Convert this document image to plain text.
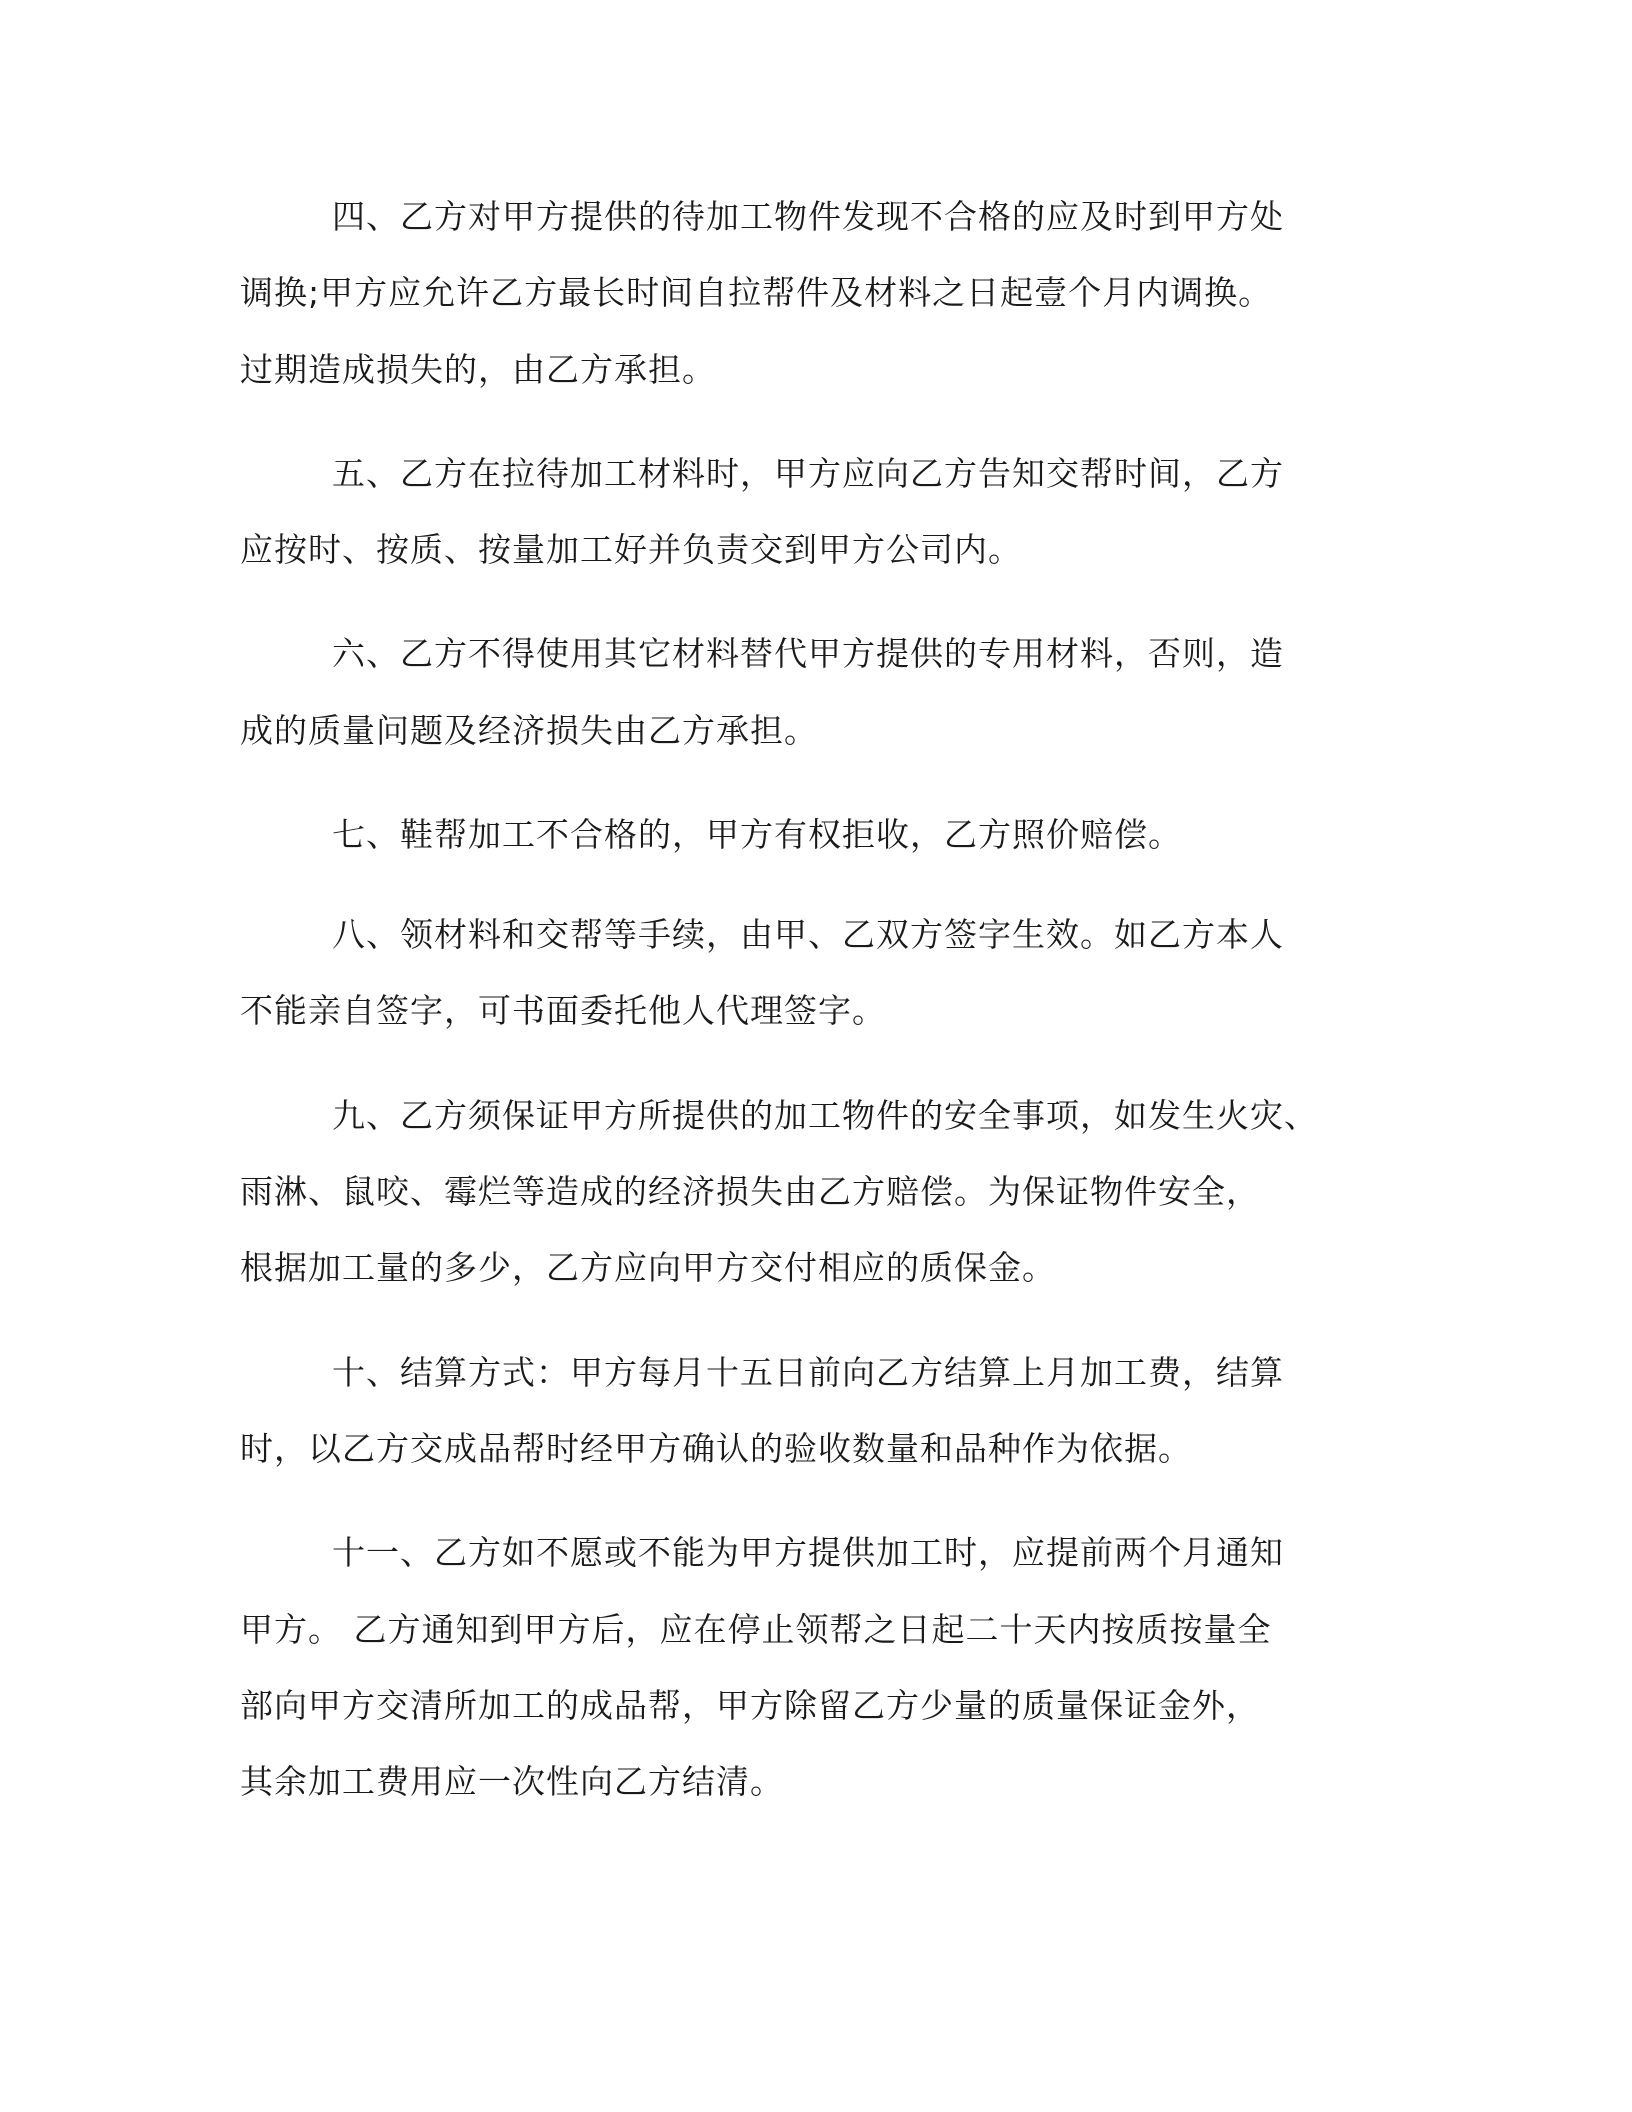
四、乙方对甲方提供的待加工物件发现不合格的应及时到甲方处

调换;甲方应允许乙方最长时间自拉帮件及材料之日起壹个月内调换。

过期造成损失的，由乙方承担。

五、乙方在拉待加工材料时，甲方应向乙方告知交帮时间，乙方

应按时、按质、按量加工好并负责交到甲方公司内。

六、乙方不得使用其它材料替代甲方提供的专用材料，否则，造

成的质量问题及经济损失由乙方承担。

七、鞋帮加工不合格的，甲方有权拒收，乙方照价赔偿。

八、领材料和交帮等手续，由甲、乙双方签字生效。如乙方本人

不能亲自签字，可书面委托他人代理签字。

九、乙方须保证甲方所提供的加工物件的安全事项，如发生火灾、

雨淋、鼠咬、霉烂等造成的经济损失由乙方赔偿。为保证物件安全，

根据加工量的多少，乙方应向甲方交付相应的质保金。

十、结算方式：甲方每月十五日前向乙方结算上月加工费，结算

时，以乙方交成品帮时经甲方确认的验收数量和品种作为依据。

十一、乙方如不愿或不能为甲方提供加工时，应提前两个月通知

甲方。 乙方通知到甲方后，应在停止领帮之日起二十天内按质按量全

部向甲方交清所加工的成品帮，甲方除留乙方少量的质量保证金外，

其余加工费用应一次性向乙方结清。
